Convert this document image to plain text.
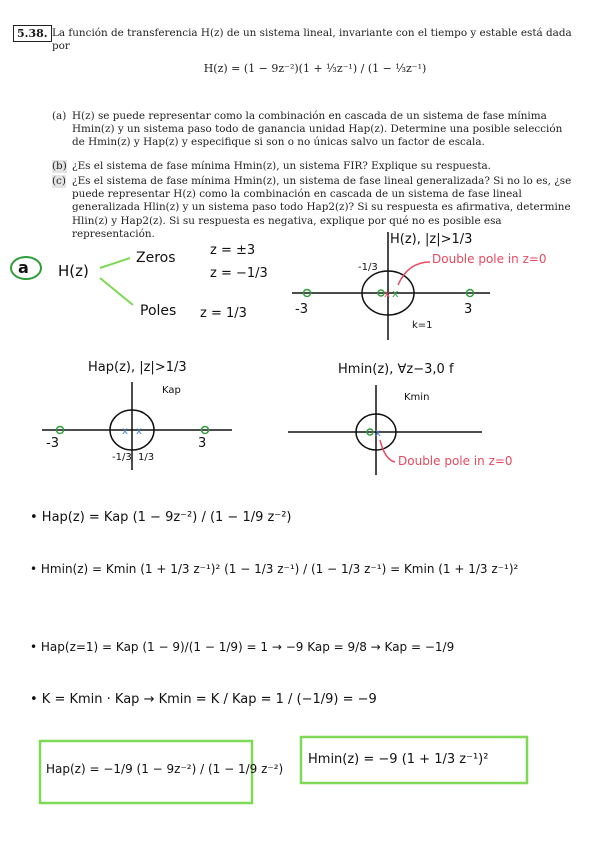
5.38. La función de transferencia H(z) de un sistema lineal, invariante con el tiempo y estable está dada por
H(z) = (1 − 9z⁻²)(1 + ⅓z⁻¹) / (1 − ⅓z⁻¹)
(a) H(z) se puede representar como la combinación en cascada de un sistema de fase mínima Hmin(z) y un sistema paso todo de ganancia unidad Hap(z). Determine una posible selección de Hmin(z) y Hap(z) y especifique si son o no únicas salvo un factor de escala.
(b) ¿Es el sistema de fase mínima Hmin(z), un sistema FIR? Explique su respuesta.
(c) ¿Es el sistema de fase mínima Hmin(z), un sistema de fase lineal generalizada? Si no lo es, ¿se puede representar H(z) como la combinación en cascada de un sistema de fase lineal generalizada Hlin(z) y un sistema paso todo Hap2(z)? Si su respuesta es afirmativa, determine Hlin(z) y Hap2(z). Si su respuesta es negativa, explique por qué no es posible esa representación.
x
x
x x	x
a H(z)
Zeros	z = ±3
z = −1/3
Poles z = 1/3
H(z), |z|>1/3
Double pole in z=0
-3
-1/3
3
k=1
Hap(z), |z|>1/3
Kap
-3	3
-1/3 1/3
Hmin(z), ∀z−3,0 f
Kmin
Double pole in z=0
• Hap(z) = Kap (1 − 9z⁻²) / (1 − 1/9 z⁻²)
• Hmin(z) = Kmin (1 + 1/3 z⁻¹)² (1 − 1/3 z⁻¹) / (1 − 1/3 z⁻¹) = Kmin (1 + 1/3 z⁻¹)²
• Hap(z=1) = Kap (1 − 9)/(1 − 1/9) = 1 → −9 Kap = 9/8 → Kap = −1/9
• K = Kmin · Kap → Kmin = K / Kap = 1 / (−1/9) = −9
Hap(z) = −1/9 (1 − 9z⁻²) / (1 − 1/9 z⁻²)
Hmin(z) = −9 (1 + 1/3 z⁻¹)²
